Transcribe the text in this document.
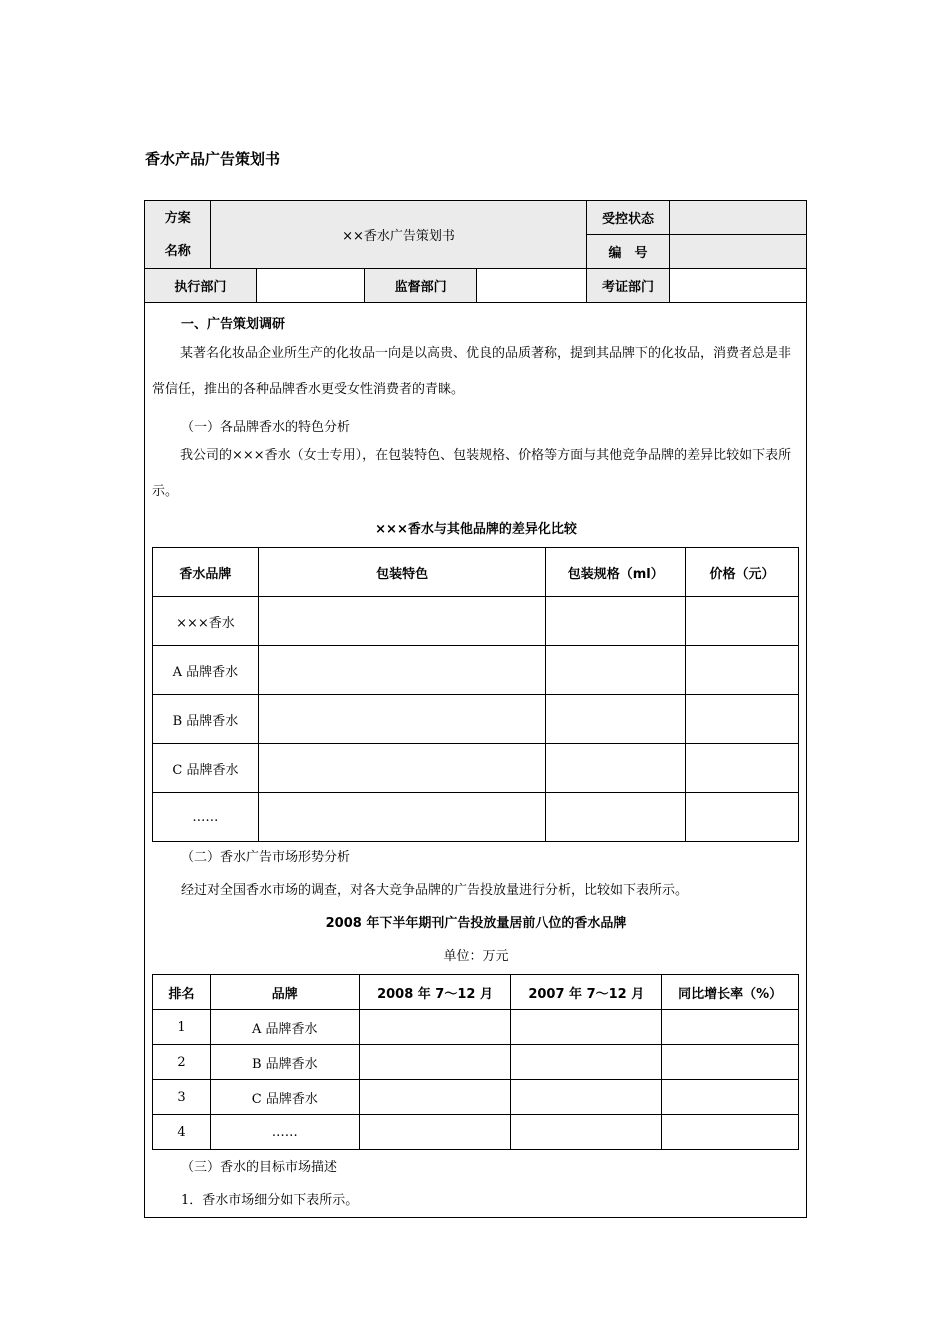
香水产品广告策划书
方案
名称	××香水广告策划书				受控状态	
					编　号	
执行部门			监督部门		考证部门	
一、广告策划调研
某著名化妆品企业所生产的化妆品一向是以高贵、优良的品质著称，提到其品牌下的化妆品，消费者总是非常信任，推出的各种品牌香水更受女性消费者的青睐。
（一）各品牌香水的特色分析
我公司的×××香水（女士专用），在包装特色、包装规格、价格等方面与其他竞争品牌的差异比较如下表所示。
×××香水与其他品牌的差异化比较
香水品牌	包装特色	包装规格（ml）	价格（元）
×××香水			
A 品牌香水			
B 品牌香水			
C 品牌香水			
……			
（二）香水广告市场形势分析
经过对全国香水市场的调查，对各大竞争品牌的广告投放量进行分析，比较如下表所示。
2008 年下半年期刊广告投放量居前八位的香水品牌
单位：万元
排名	品牌	2008 年 7～12 月	2007 年 7～12 月	同比增长率（%）
1	A 品牌香水			
2	B 品牌香水			
3	C 品牌香水			
4	……			
（三）香水的目标市场描述
1．香水市场细分如下表所示。
